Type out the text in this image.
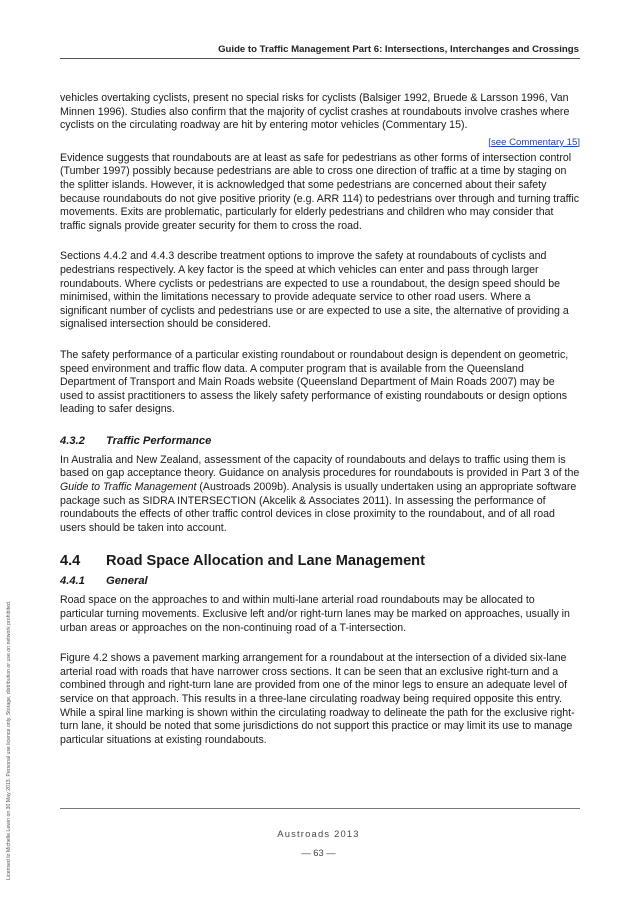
Guide to Traffic Management Part 6: Intersections, Interchanges and Crossings

vehicles overtaking cyclists, present no special risks for cyclists (Balsiger 1992, Bruede & Larsson 1996, Van Minnen 1996). Studies also confirm that the majority of cyclist crashes at roundabouts involve crashes where cyclists on the circulating roadway are hit by entering motor vehicles (Commentary 15).

[see Commentary 15]

Evidence suggests that roundabouts are at least as safe for pedestrians as other forms of intersection control (Tumber 1997) possibly because pedestrians are able to cross one direction of traffic at a time by staging on the splitter islands. However, it is acknowledged that some pedestrians are concerned about their safety because roundabouts do not give positive priority (e.g. ARR 114) to pedestrians over through and turning traffic movements. Exits are problematic, particularly for elderly pedestrians and children who may consider that traffic signals provide greater security for them to cross the road.

Sections 4.4.2 and 4.4.3 describe treatment options to improve the safety at roundabouts of cyclists and pedestrians respectively. A key factor is the speed at which vehicles can enter and pass through larger roundabouts. Where cyclists or pedestrians are expected to use a roundabout, the design speed should be minimised, within the limitations necessary to provide adequate service to other road users. Where a significant number of cyclists and pedestrians use or are expected to use a site, the alternative of providing a signalised intersection should be considered.

The safety performance of a particular existing roundabout or roundabout design is dependent on geometric, speed environment and traffic flow data. A computer program that is available from the Queensland Department of Transport and Main Roads website (Queensland Department of Main Roads 2007) may be used to assist practitioners to assess the likely safety performance of existing roundabouts or design options leading to safer designs.

4.3.2 Traffic Performance

In Australia and New Zealand, assessment of the capacity of roundabouts and delays to traffic using them is based on gap acceptance theory. Guidance on analysis procedures for roundabouts is provided in Part 3 of the Guide to Traffic Management (Austroads 2009b). Analysis is usually undertaken using an appropriate software package such as SIDRA INTERSECTION (Akcelik & Associates 2011). In assessing the performance of roundabouts the effects of other traffic control devices in close proximity to the roundabout, and of all road users should be taken into account.

4.4 Road Space Allocation and Lane Management
4.4.1 General

Road space on the approaches to and within multi-lane arterial road roundabouts may be allocated to particular turning movements. Exclusive left and/or right-turn lanes may be marked on approaches, usually in urban areas or approaches on the non-continuing road of a T-intersection.

Figure 4.2 shows a pavement marking arrangement for a roundabout at the intersection of a divided six-lane arterial road with roads that have narrower cross sections. It can be seen that an exclusive right-turn and a combined through and right-turn lane are provided from one of the minor legs to ensure an adequate level of service on that approach. This results in a three-lane circulating roadway being required opposite this entry. While a spiral line marking is shown within the circulating roadway to delineate the path for the exclusive right-turn lane, it should be noted that some jurisdictions do not support this practice or may limit its use to manage particular situations at existing roundabouts.

Austroads 2013
— 63 —
Licensed to Michelle Lewin on 30 May 2013. Personal use licence only. Storage, distribution or use on network prohibited.
